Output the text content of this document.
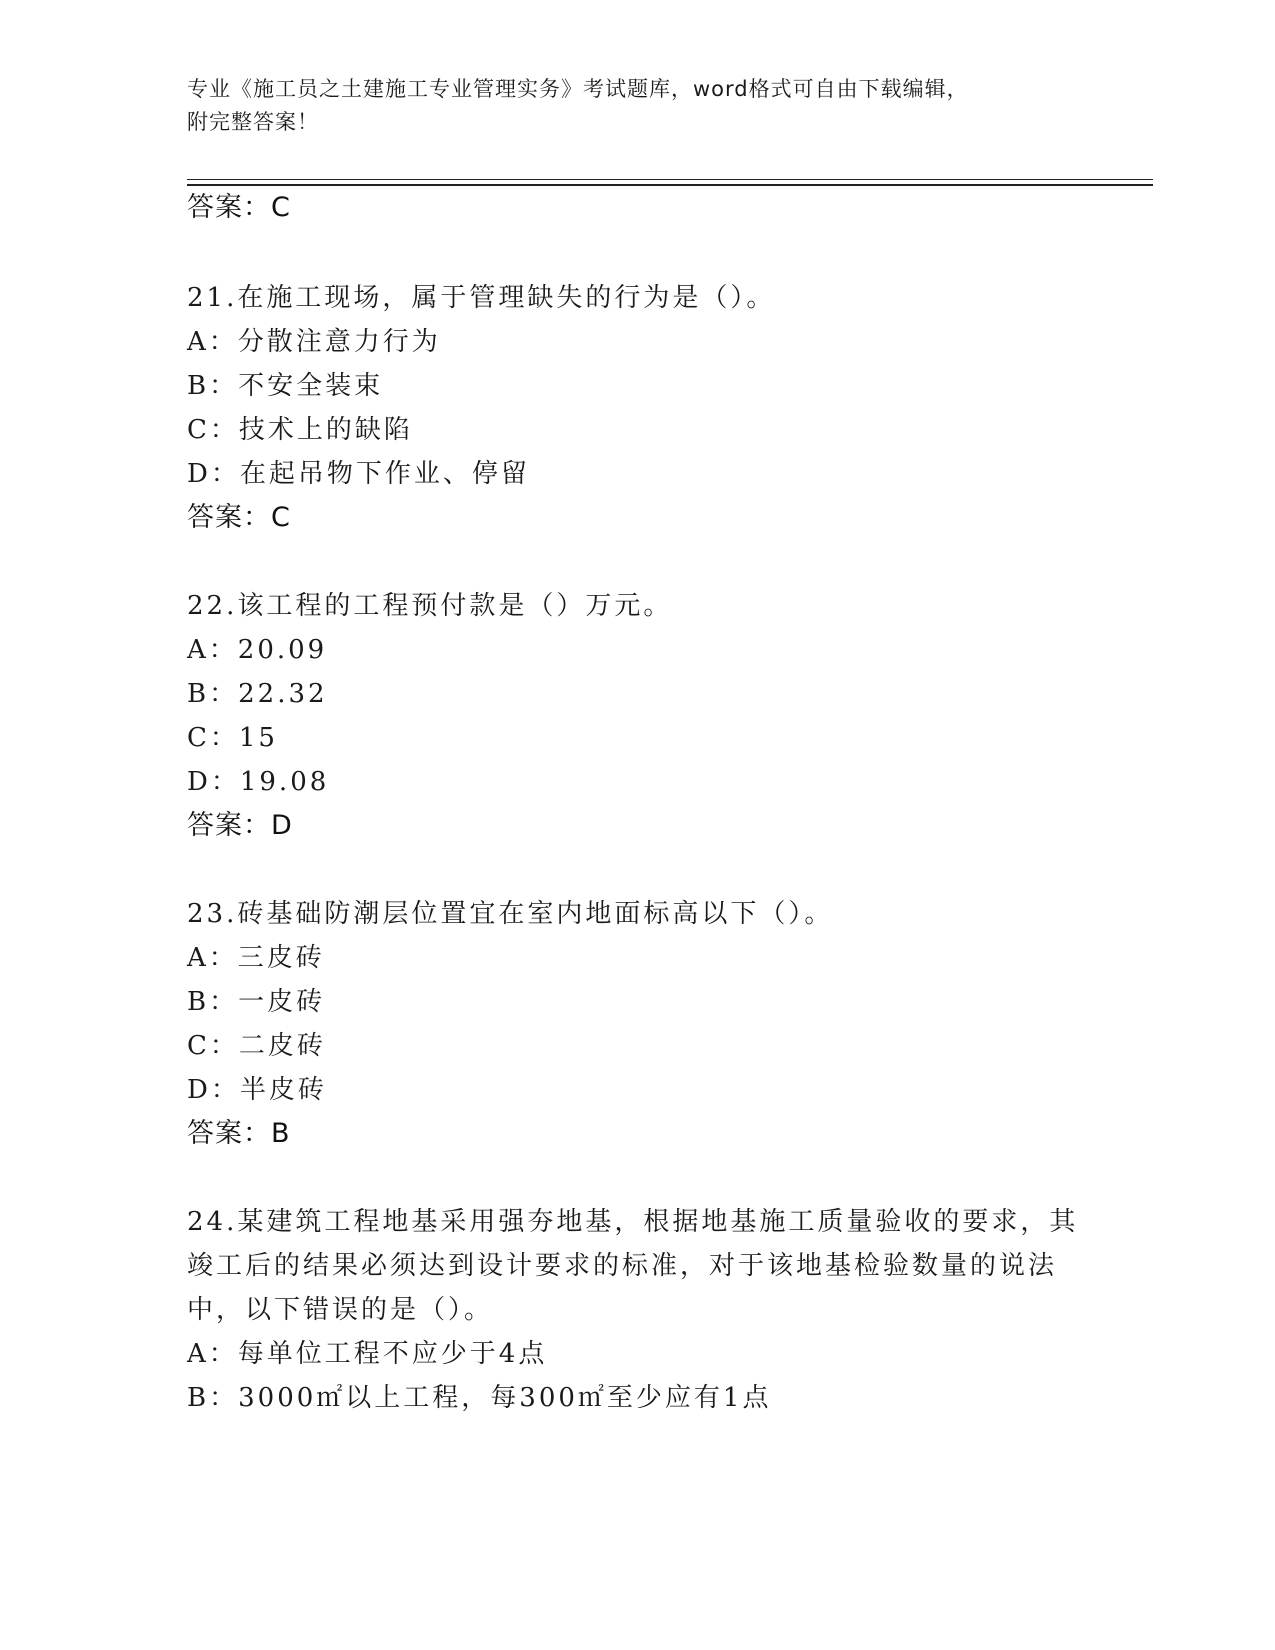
专业《施工员之土建施工专业管理实务》考试题库，word格式可自由下载编辑，
附完整答案！
答案：C
21.在施工现场，属于管理缺失的行为是（）。
A：分散注意力行为
B：不安全装束
C：技术上的缺陷
D：在起吊物下作业、停留
答案：C
22.该工程的工程预付款是（）万元。
A：20.09
B：22.32
C：15
D：19.08
答案：D
23.砖基础防潮层位置宜在室内地面标高以下（）。
A：三皮砖
B：一皮砖
C：二皮砖
D：半皮砖
答案：B
24.某建筑工程地基采用强夯地基，根据地基施工质量验收的要求，其
竣工后的结果必须达到设计要求的标准，对于该地基检验数量的说法
中，以下错误的是（）。
A：每单位工程不应少于4点
B：3000㎡以上工程，每300㎡至少应有1点
